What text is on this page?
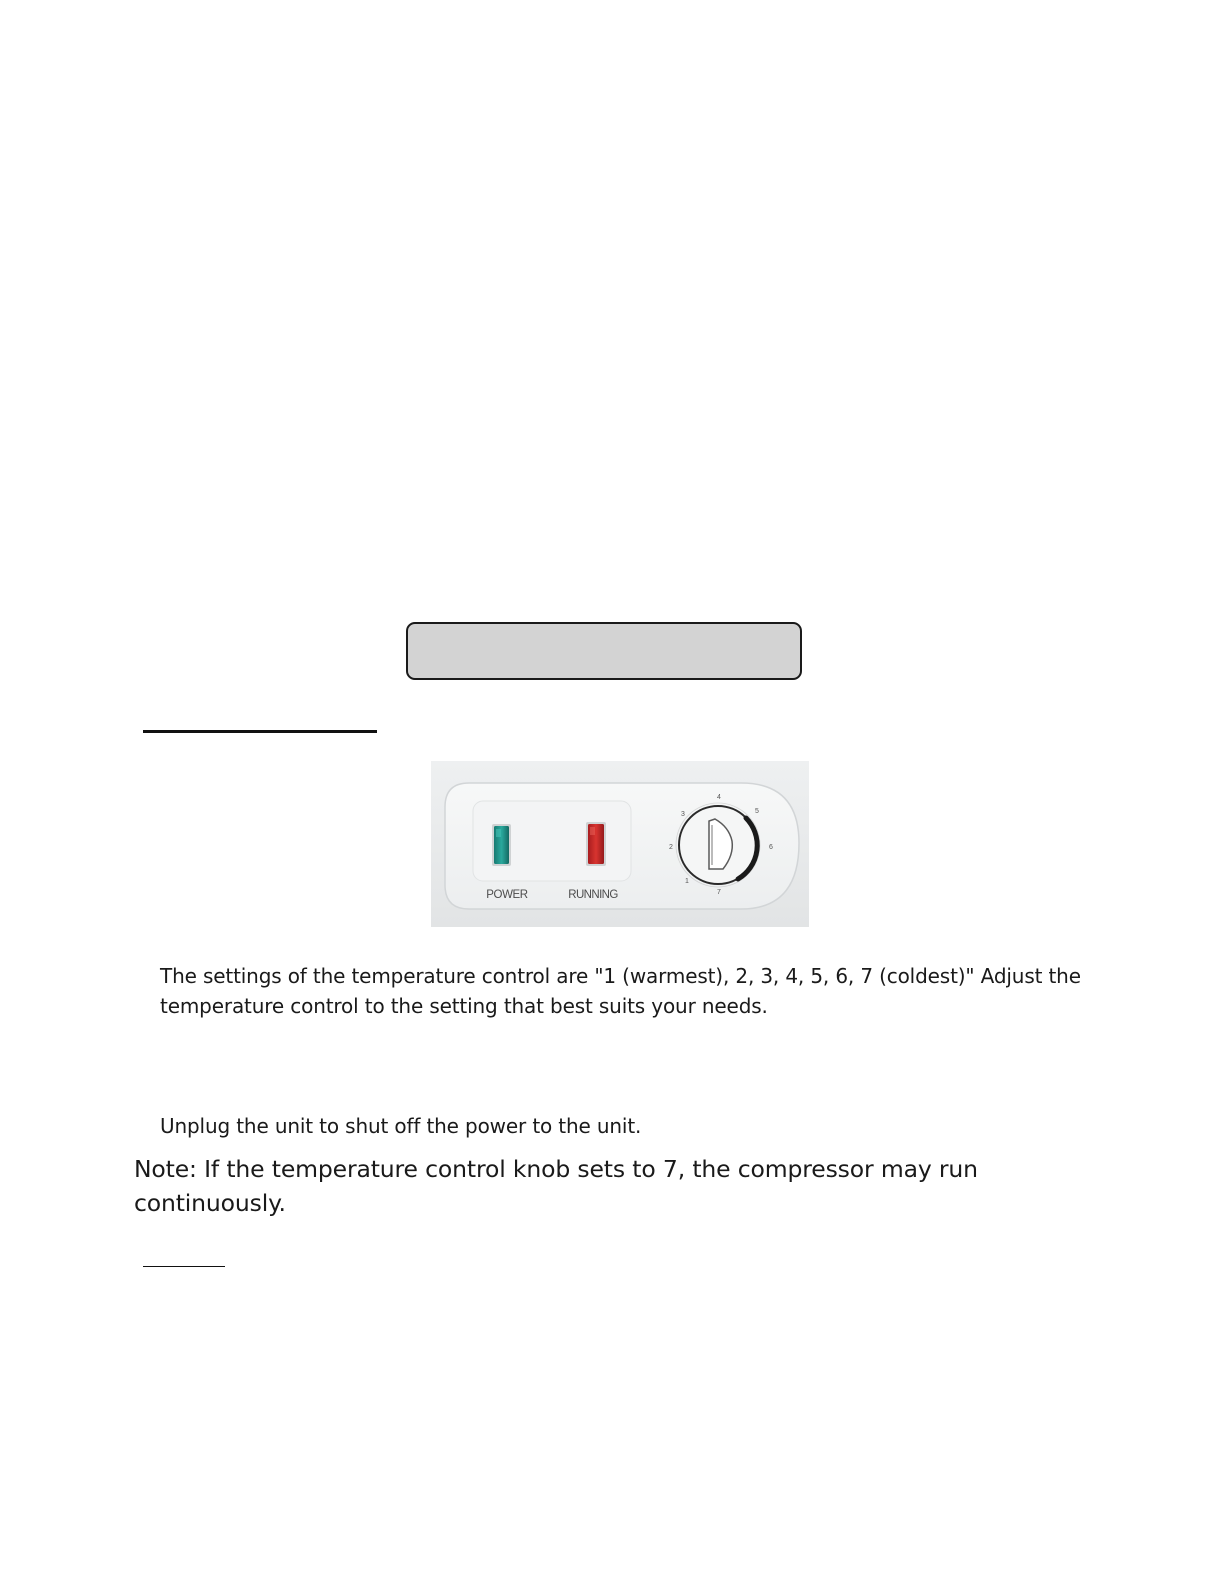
POWER	RUNNING
1
2
3
4
5
6
7

The settings of the temperature control are "1 (warmest), 2, 3, 4, 5, 6, 7 (coldest)" Adjust the temperature control to the setting that best suits your needs.

Unplug the unit to shut off the power to the unit.

Note: If the temperature control knob sets to 7, the compressor may run continuously.
